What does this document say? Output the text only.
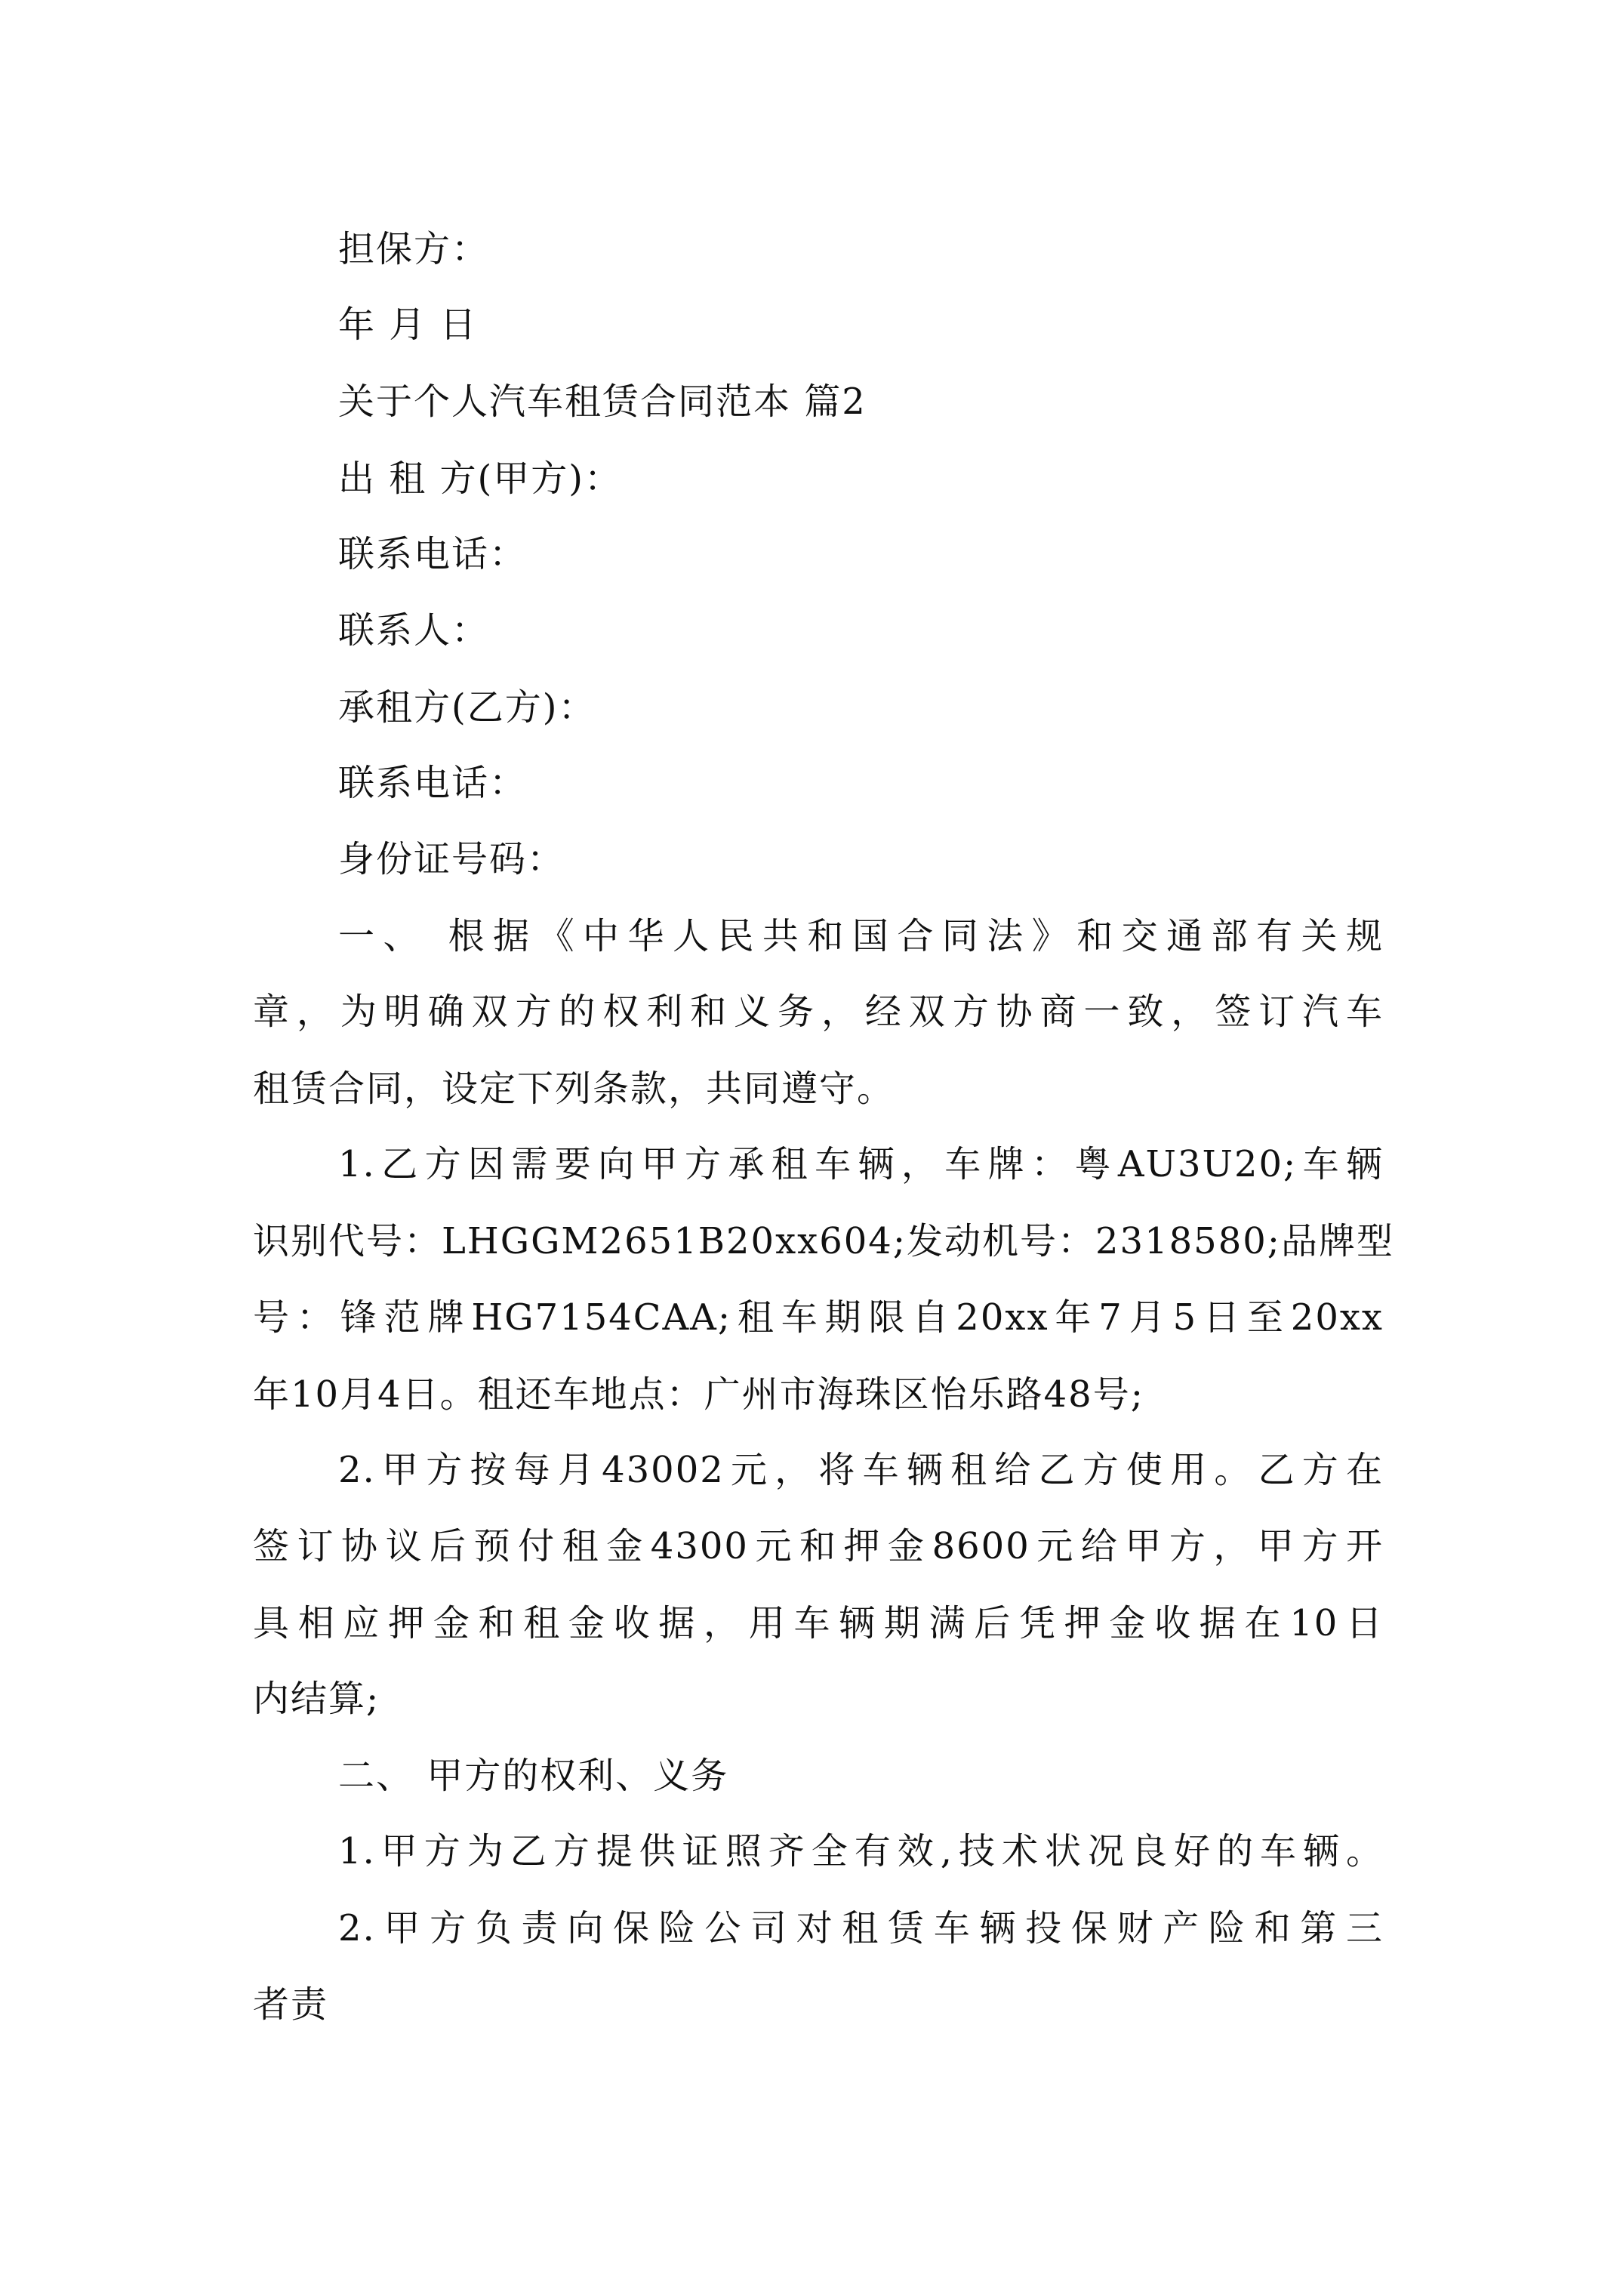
担保方：

年 月 日

关于个人汽车租赁合同范本 篇2

出 租 方(甲方)：

联系电话：

联系人：

承租方(乙方)：

联系电话：

身份证号码：

一、 根据《中华人民共和国合同法》和交通部有关规

章，为明确双方的权利和义务，经双方协商一致，签订汽车

租赁合同，设定下列条款，共同遵守。

1.乙方因需要向甲方承租车辆，车牌：粤AU3U20;车辆

识别代号：LHGGM2651B20xx604;发动机号：2318580;品牌型

号：锋范牌HG7154CAA;租车期限自20xx年7月5日至20xx

年10月4日。租还车地点：广州市海珠区怡乐路48号;

2.甲方按每月43002元，将车辆租给乙方使用。乙方在

签订协议后预付租金4300元和押金8600元给甲方，甲方开

具相应押金和租金收据，用车辆期满后凭押金收据在10日

内结算;

二、 甲方的权利、义务

1.甲方为乙方提供证照齐全有效,技术状况良好的车辆。

2.甲方负责向保险公司对租赁车辆投保财产险和第三

者责
